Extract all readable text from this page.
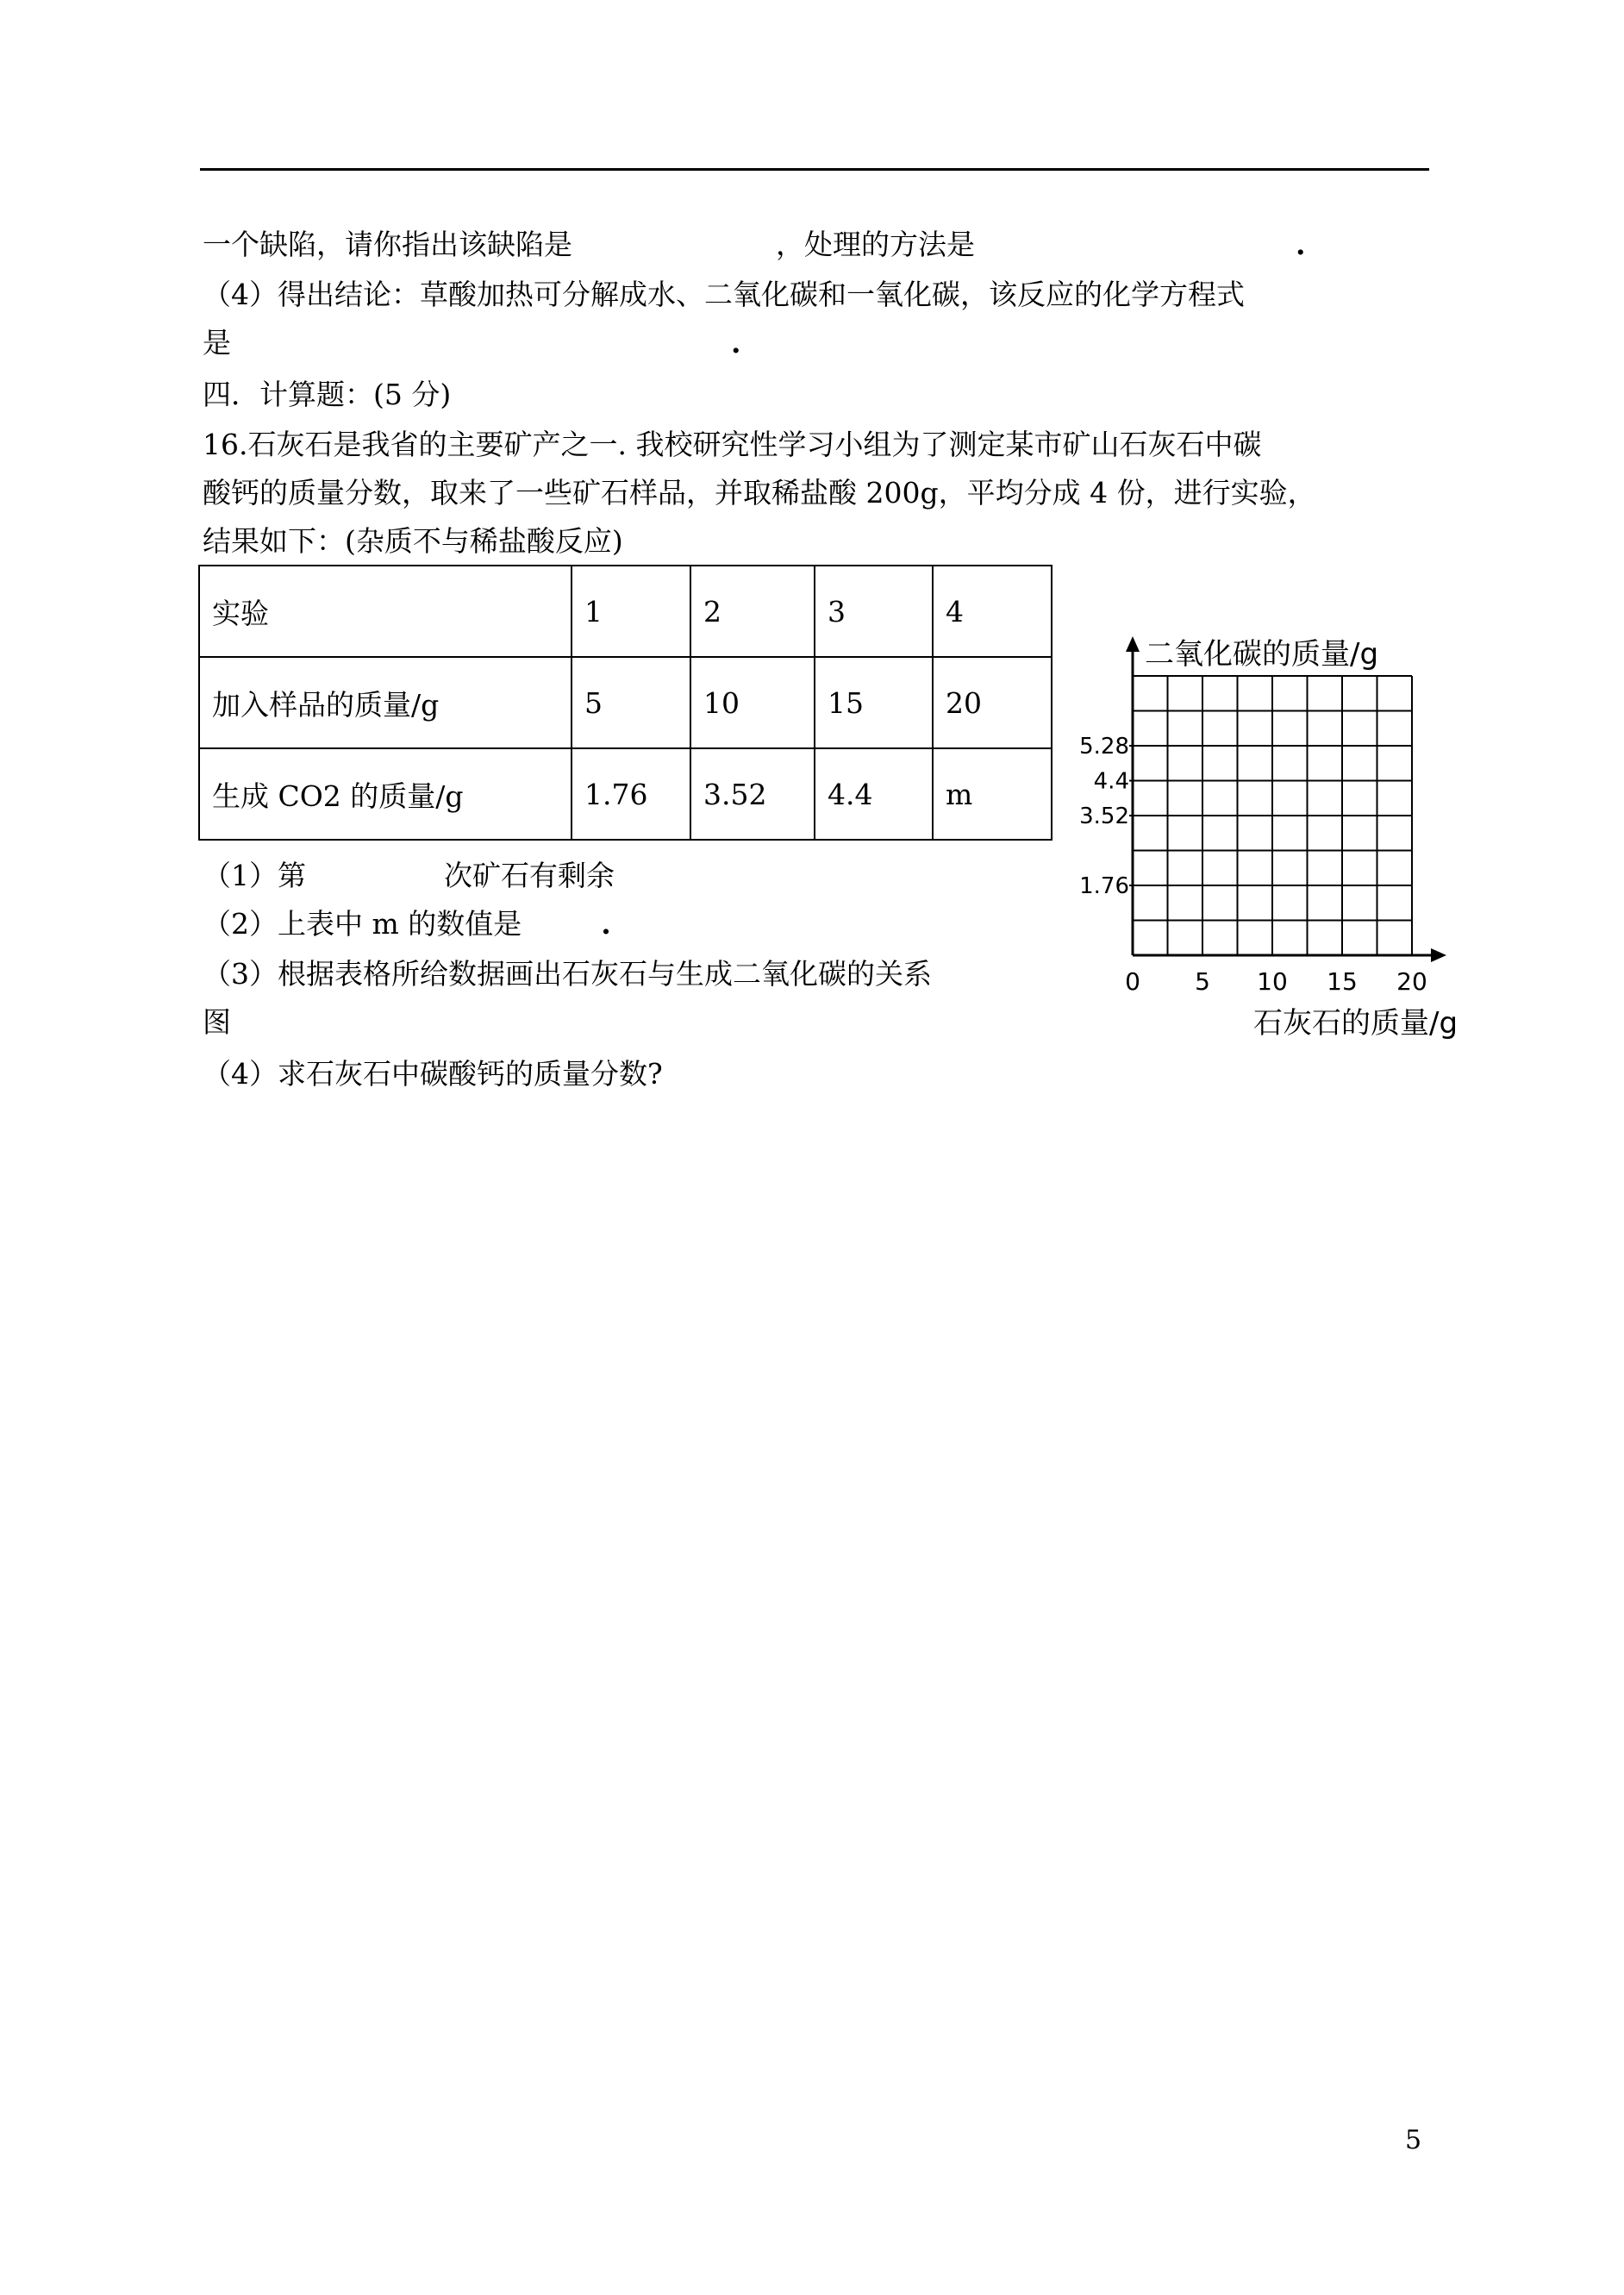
一个缺陷，请你指出该缺陷是	，处理的方法是	.
（4）得出结论：草酸加热可分解成水、二氧化碳和一氧化碳，该反应的化学方程式
是	.
四．计算题：(5 分)
16.石灰石是我省的主要矿产之一. 我校研究性学习小组为了测定某市矿山石灰石中碳
酸钙的质量分数，取来了一些矿石样品，并取稀盐酸 200g，平均分成 4 份，进行实验，
结果如下：(杂质不与稀盐酸反应)
实验	1	2	3	4
加入样品的质量/g	5	10	15	20
生成 CO2 的质量/g	1.76	3.52	4.4	m
（1）第	次矿石有剩余
（2）上表中 m 的数值是	.
（3）根据表格所给数据画出石灰石与生成二氧化碳的关系
图
（4）求石灰石中碳酸钙的质量分数?
0 5 10 15 20
5.28
4.4
3.52
1.76
二氧化碳的质量/g
石灰石的质量/g
5
